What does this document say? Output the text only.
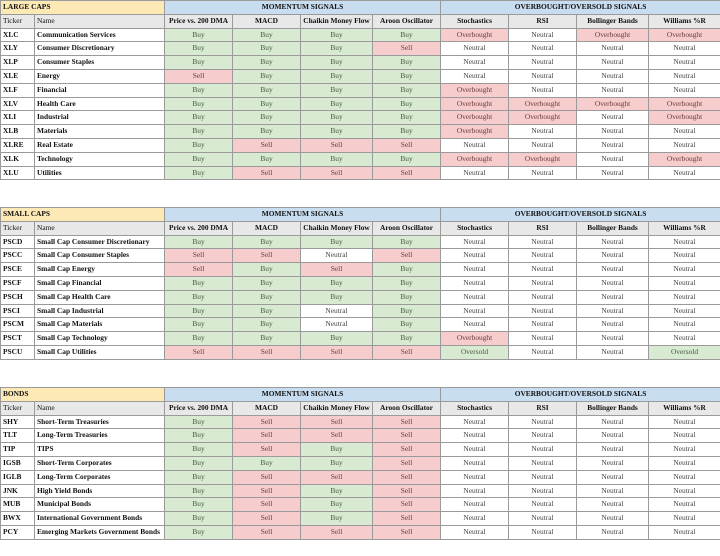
LARGE CAPS		MOMENTUM SIGNALS				OVERBOUGHT/OVERSOLD SIGNALS			
Ticker	Name	Price vs. 200 DMA	MACD	Chaikin Money Flow	Aroon Oscillator	Stochastics	RSI	Bollinger Bands	Williams %R
XLC	Communication Services	Buy	Buy	Buy	Buy	Overbought	Neutral	Overbought	Overbought
XLY	Consumer Discretionary	Buy	Buy	Buy	Sell	Neutral	Neutral	Neutral	Neutral
XLP	Consumer Staples	Buy	Buy	Buy	Buy	Neutral	Neutral	Neutral	Neutral
XLE	Energy	Sell	Buy	Buy	Buy	Neutral	Neutral	Neutral	Neutral
XLF	Financial	Buy	Buy	Buy	Buy	Overbought	Neutral	Neutral	Neutral
XLV	Health Care	Buy	Buy	Buy	Buy	Overbought	Overbought	Overbought	Overbought
XLI	Industrial	Buy	Buy	Buy	Buy	Overbought	Overbought	Neutral	Overbought
XLB	Materials	Buy	Buy	Buy	Buy	Overbought	Neutral	Neutral	Neutral
XLRE	Real Estate	Buy	Sell	Sell	Sell	Neutral	Neutral	Neutral	Neutral
XLK	Technology	Buy	Buy	Buy	Buy	Overbought	Overbought	Neutral	Overbought
XLU	Utilities	Buy	Sell	Sell	Sell	Neutral	Neutral	Neutral	Neutral
SMALL CAPS		MOMENTUM SIGNALS				OVERBOUGHT/OVERSOLD SIGNALS			
Ticker	Name	Price vs. 200 DMA	MACD	Chaikin Money Flow	Aroon Oscillator	Stochastics	RSI	Bollinger Bands	Williams %R
PSCD	Small Cap Consumer Discretionary	Buy	Buy	Buy	Buy	Neutral	Neutral	Neutral	Neutral
PSCC	Small Cap Consumer Staples	Sell	Sell	Neutral	Sell	Neutral	Neutral	Neutral	Neutral
PSCE	Small Cap Energy	Sell	Buy	Sell	Buy	Neutral	Neutral	Neutral	Neutral
PSCF	Small Cap Financial	Buy	Buy	Buy	Buy	Neutral	Neutral	Neutral	Neutral
PSCH	Small Cap Health Care	Buy	Buy	Buy	Buy	Neutral	Neutral	Neutral	Neutral
PSCI	Small Cap Industrial	Buy	Buy	Neutral	Buy	Neutral	Neutral	Neutral	Neutral
PSCM	Small Cap Materials	Buy	Buy	Neutral	Buy	Neutral	Neutral	Neutral	Neutral
PSCT	Small Cap Technology	Buy	Buy	Buy	Buy	Overbought	Neutral	Neutral	Neutral
PSCU	Small Cap Utilities	Sell	Sell	Sell	Sell	Oversold	Neutral	Neutral	Oversold
BONDS		MOMENTUM SIGNALS				OVERBOUGHT/OVERSOLD SIGNALS			
Ticker	Name	Price vs. 200 DMA	MACD	Chaikin Money Flow	Aroon Oscillator	Stochastics	RSI	Bollinger Bands	Williams %R
SHY	Short-Term Treasuries	Buy	Sell	Sell	Sell	Neutral	Neutral	Neutral	Neutral
TLT	Long-Term Treasuries	Buy	Sell	Sell	Sell	Neutral	Neutral	Neutral	Neutral
TIP	TIPS	Buy	Sell	Buy	Sell	Neutral	Neutral	Neutral	Neutral
IGSB	Short-Term Corporates	Buy	Buy	Buy	Sell	Neutral	Neutral	Neutral	Neutral
IGLB	Long-Term Corporates	Buy	Sell	Sell	Sell	Neutral	Neutral	Neutral	Neutral
JNK	High Yield Bonds	Buy	Sell	Buy	Sell	Neutral	Neutral	Neutral	Neutral
MUB	Municipal Bonds	Buy	Sell	Buy	Sell	Neutral	Neutral	Neutral	Neutral
BWX	International Government Bonds	Buy	Sell	Buy	Sell	Neutral	Neutral	Neutral	Neutral
PCY	Emerging Markets Government Bonds	Buy	Sell	Sell	Sell	Neutral	Neutral	Neutral	Neutral
